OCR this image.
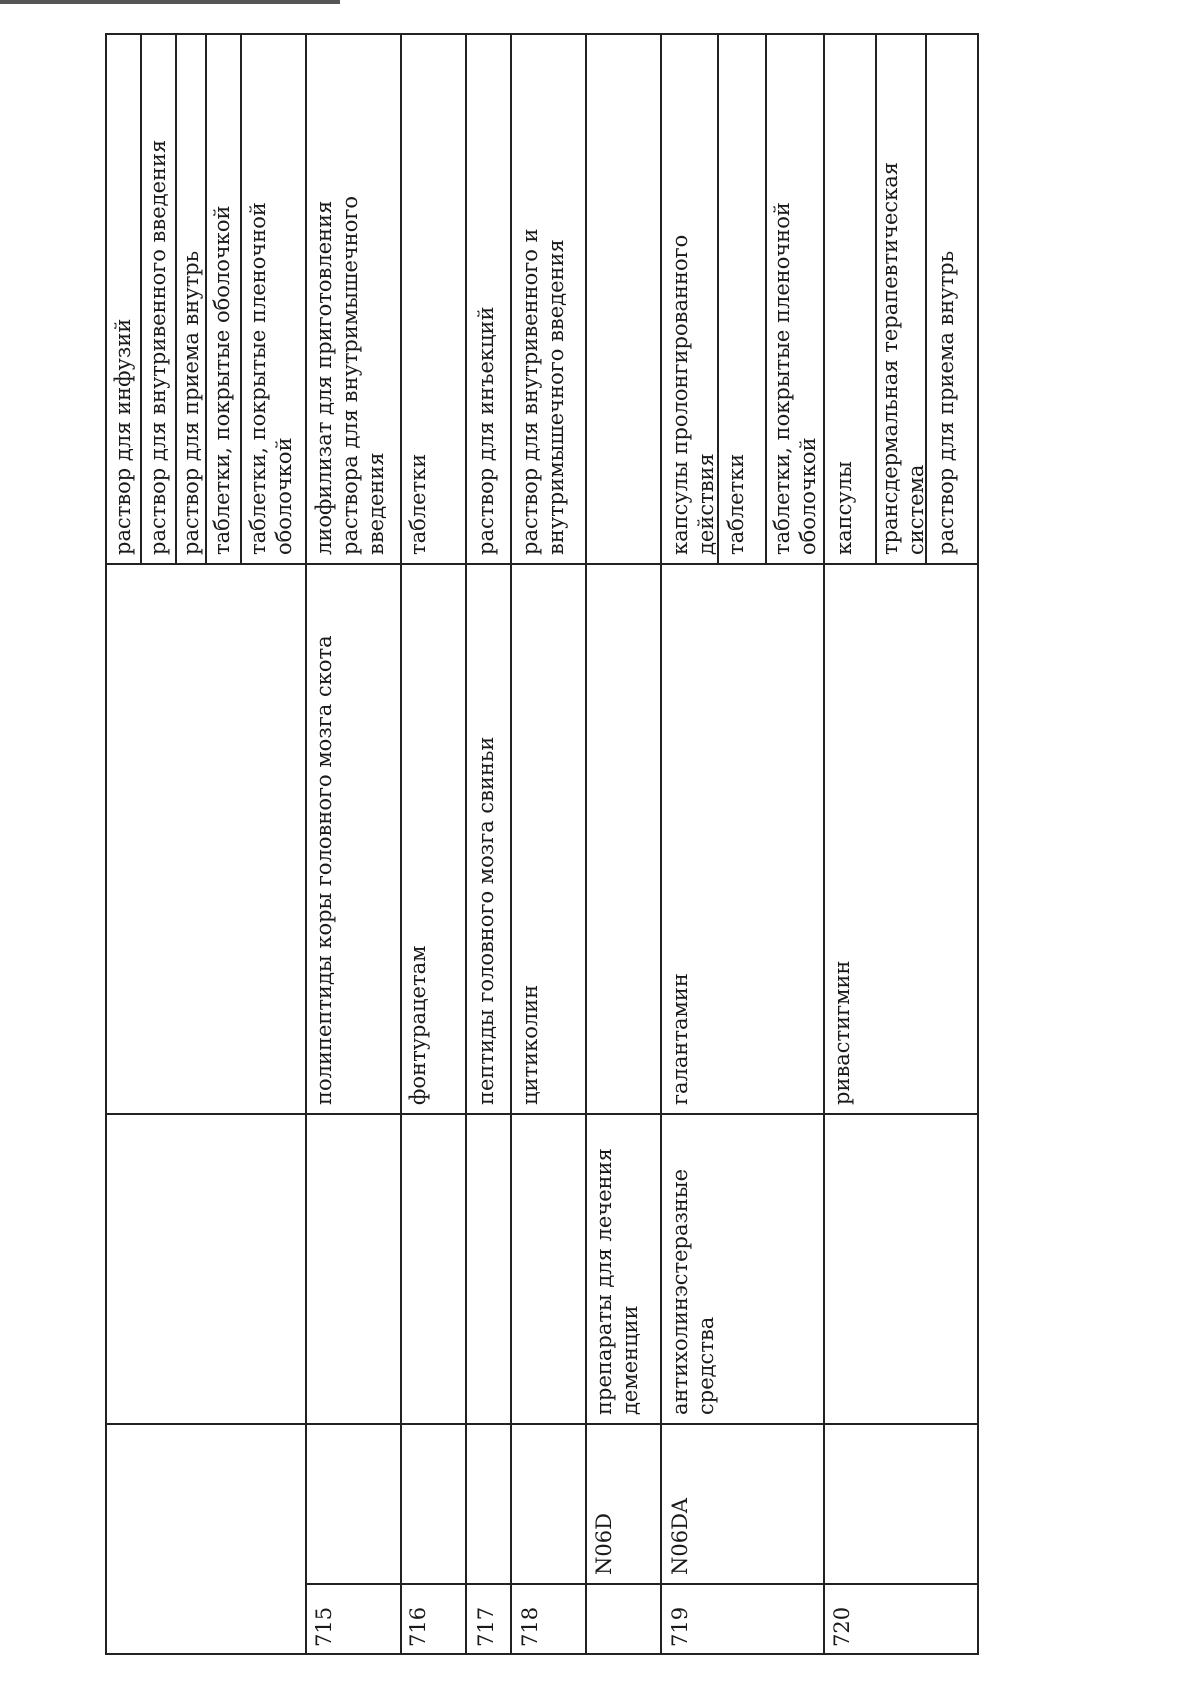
раствор для инфузий раствор для внутривенного введения раствор для приема внутрь таблетки, покрытые оболочкой таблетки, покрытые пленочной оболочкой
715
полипептиды коры головного мозга скота
лиофилизат для приготовления раствора для внутримышечного введения
716
фонтурацетам
таблетки
717
пептиды головного мозга свиньи
раствор для инъекций
718
цитиколин
раствор для внутривенного и внутримышечного введения
N06D
препараты для лечения деменции
719
N06DA
антихолинэстеразные средства
галантамин
капсулы пролонгированного действия таблетки таблетки, покрытые пленочной оболочкой
720
ривастигмин
капсулы трансдермальная терапевтическая система раствор для приема внутрь
